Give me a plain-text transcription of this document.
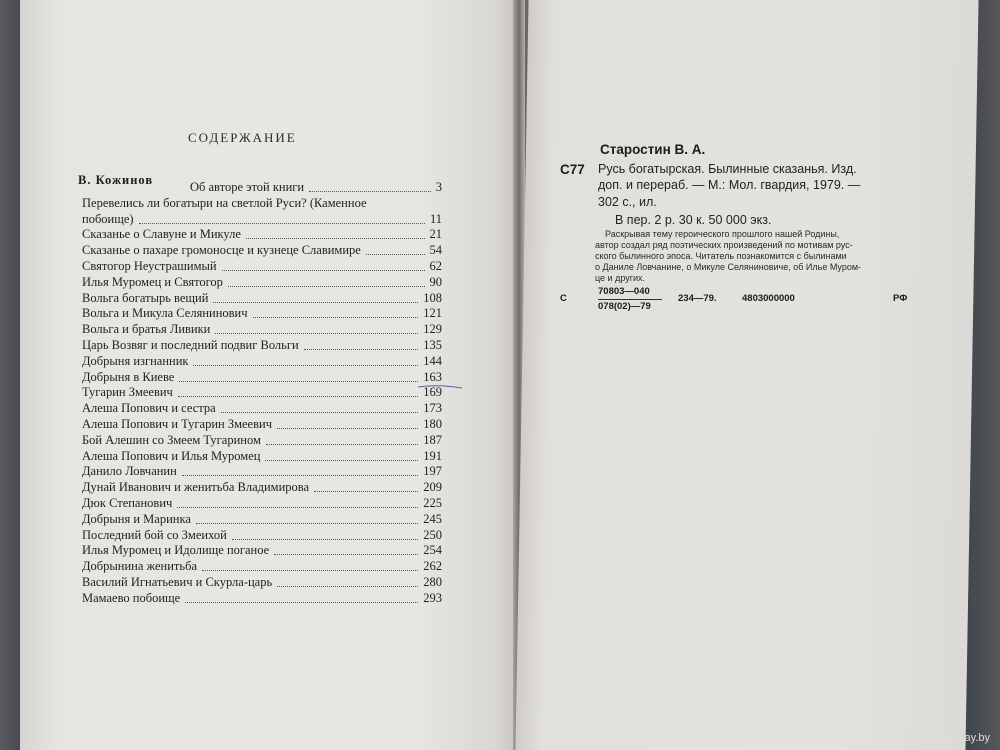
СОДЕРЖАНИЕ
В. Кожинов	Об авторе этой книги	3
Перевелись ли богатыри на светлой Руси? (Каменное
побоище)	11
Сказанье о Славуне и Микуле	21
Сказанье о пахаре громоносце и кузнеце Славимире	54
Святогор Неустрашимый	62
Илья Муромец и Святогор	90
Вольга богатырь вещий	108
Вольга и Микула Селянинович	121
Вольга и братья Ливики	129
Царь Возвяг и последний подвиг Вольги	135
Добрыня изгнанник	144
Добрыня в Киеве	163
Тугарин Змеевич	169
Алеша Попович и сестра	173
Алеша Попович и Тугарин Змеевич	180
Бой Алешин со Змеем Тугарином	187
Алеша Попович и Илья Муромец	191
Данило Ловчанин	197
Дунай Иванович и женитьба Владимирова	209
Дюк Степанович	225
Добрыня и Маринка	245
Последний бой со Змеихой	250
Илья Муромец и Идолище поганое	254
Добрынина женитьба	262
Василий Игнатьевич и Скурла-царь	280
Мамаево побоище	293
Старостин В. А.
С77 Русь богатырская. Былинные сказанья. Изд.
доп. и перераб. — М.: Мол. гвардия, 1979. —
302 с., ил.
В пер. 2 р. 30 к. 50 000 экз.
Раскрывая тему героического прошлого нашей Родины,
автор создал ряд поэтических произведений по мотивам рус-
ского былинного эпоса. Читатель познакомится с былинами
о Даниле Ловчанине, о Микуле Селяниновиче, об Илье Муром-
це и других.
С
70803—040
078(02)—79
234—79.	4803000000	РФ
www.ay.by
